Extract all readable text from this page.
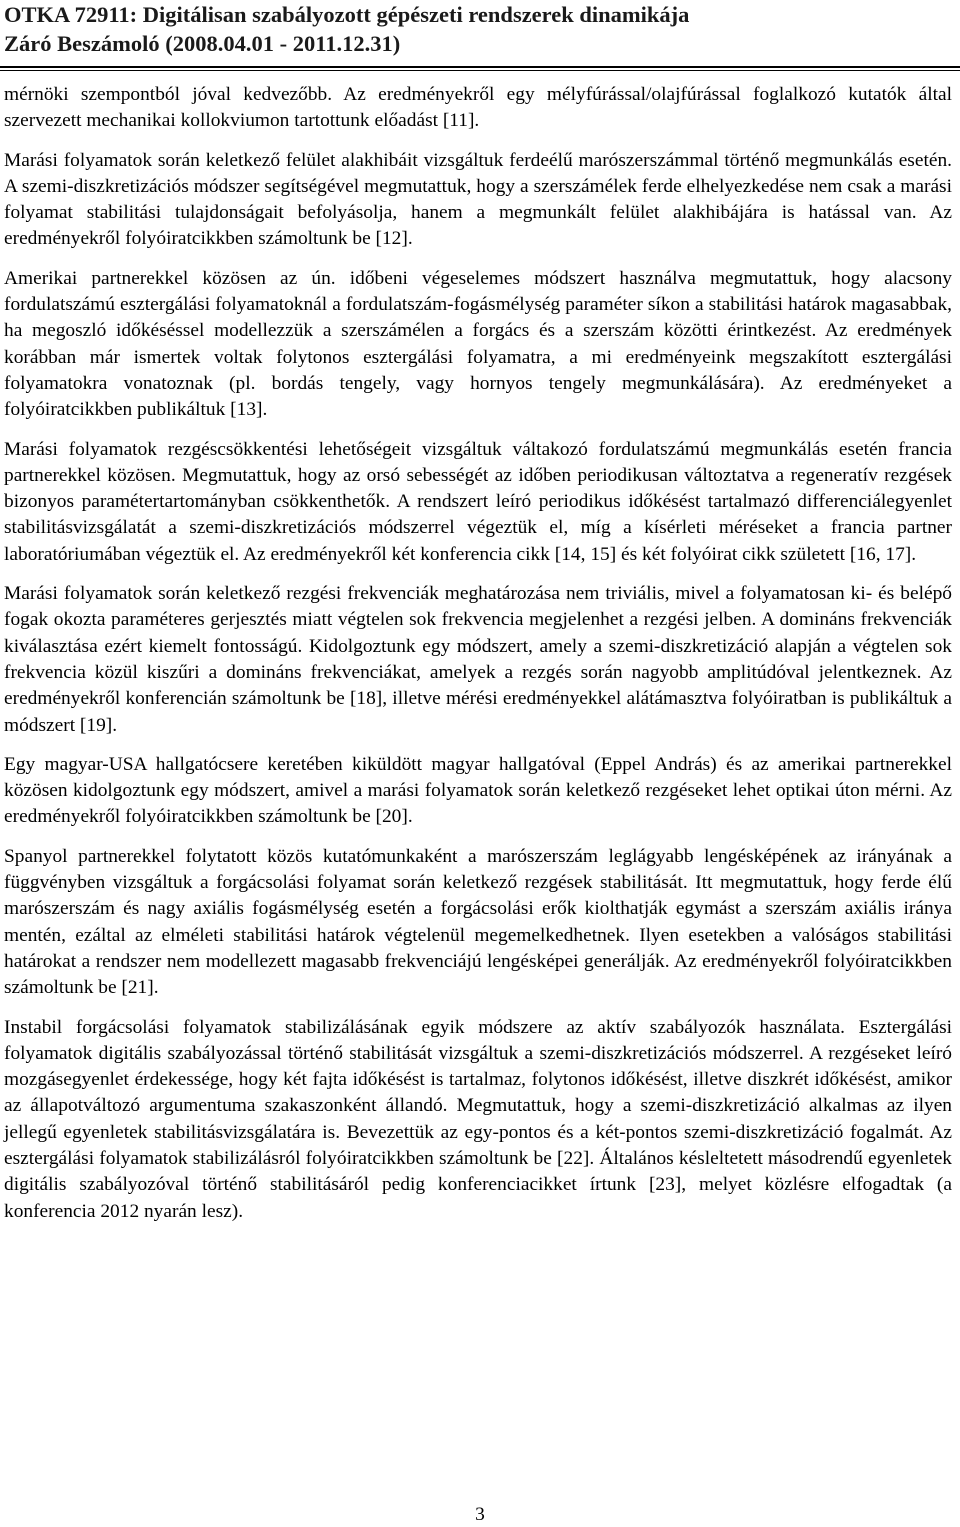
OTKA 72911: Digitálisan szabályozott gépészeti rendszerek dinamikája
Záró Beszámoló (2008.04.01 - 2011.12.31)

mérnöki szempontból jóval kedvezőbb. Az eredményekről egy mélyfúrással/olajfúrással foglalkozó kutatók által szervezett mechanikai kollokviumon tartottunk előadást [11].

Marási folyamatok során keletkező felület alakhibáit vizsgáltuk ferdeélű marószerszámmal történő megmunkálás esetén. A szemi-diszkretizációs módszer segítségével megmutattuk, hogy a szerszámélek ferde elhelyezkedése nem csak a marási folyamat stabilitási tulajdonságait befolyásolja, hanem a megmunkált felület alakhibájára is hatással van. Az eredményekről folyóiratcikkben számoltunk be [12].

Amerikai partnerekkel közösen az ún. időbeni végeselemes módszert használva megmutattuk, hogy alacsony fordulatszámú esztergálási folyamatoknál a fordulatszám-fogásmélység paraméter síkon a stabilitási határok magasabbak, ha megoszló időkéséssel modellezzük a szerszámélen a forgács és a szerszám közötti érintkezést. Az eredmények korábban már ismertek voltak folytonos esztergálási folyamatra, a mi eredményeink megszakított esztergálási folyamatokra vonatoznak (pl. bordás tengely, vagy hornyos tengely megmunkálására). Az eredményeket a folyóiratcikkben publikáltuk [13].

Marási folyamatok rezgéscsökkentési lehetőségeit vizsgáltuk váltakozó fordulatszámú megmunkálás esetén francia partnerekkel közösen. Megmutattuk, hogy az orsó sebességét az időben periodikusan változtatva a regeneratív rezgések bizonyos paramétertartományban csökkenthetők. A rendszert leíró periodikus időkésést tartalmazó differenciálegyenlet stabilitásvizsgálatát a szemi-diszkretizációs módszerrel végeztük el, míg a kísérleti méréseket a francia partner laboratóriumában végeztük el. Az eredményekről két konferencia cikk [14, 15] és két folyóirat cikk született [16, 17].

Marási folyamatok során keletkező rezgési frekvenciák meghatározása nem triviális, mivel a folyamatosan ki- és belépő fogak okozta paraméteres gerjesztés miatt végtelen sok frekvencia megjelenhet a rezgési jelben. A domináns frekvenciák kiválasztása ezért kiemelt fontosságú. Kidolgoztunk egy módszert, amely a szemi-diszkretizáció alapján a végtelen sok frekvencia közül kiszűri a domináns frekvenciákat, amelyek a rezgés során nagyobb amplitúdóval jelentkeznek. Az eredményekről konferencián számoltunk be [18], illetve mérési eredményekkel alátámasztva folyóiratban is publikáltuk a módszert [19].

Egy magyar-USA hallgatócsere keretében kiküldött magyar hallgatóval (Eppel András) és az amerikai partnerekkel közösen kidolgoztunk egy módszert, amivel a marási folyamatok során keletkező rezgéseket lehet optikai úton mérni. Az eredményekről folyóiratcikkben számoltunk be [20].

Spanyol partnerekkel folytatott közös kutatómunkaként a marószerszám leglágyabb lengésképének az irányának a függvényben vizsgáltuk a forgácsolási folyamat során keletkező rezgések stabilitását. Itt megmutattuk, hogy ferde élű marószerszám és nagy axiális fogásmélység esetén a forgácsolási erők kiolthatják egymást a szerszám axiális iránya mentén, ezáltal az elméleti stabilitási határok végtelenül megemelkedhetnek. Ilyen esetekben a valóságos stabilitási határokat a rendszer nem modellezett magasabb frekvenciájú lengésképei generálják. Az eredményekről folyóiratcikkben számoltunk be [21].

Instabil forgácsolási folyamatok stabilizálásának egyik módszere az aktív szabályozók használata. Esztergálási folyamatok digitális szabályozással történő stabilitását vizsgáltuk a szemi-diszkretizációs módszerrel. A rezgéseket leíró mozgásegyenlet érdekessége, hogy két fajta időkésést is tartalmaz, folytonos időkésést, illetve diszkrét időkésést, amikor az állapotváltozó argumentuma szakaszonként állandó. Megmutattuk, hogy a szemi-diszkretizáció alkalmas az ilyen jellegű egyenletek stabilitásvizsgálatára is. Bevezettük az egy-pontos és a két-pontos szemi-diszkretizáció fogalmát. Az esztergálási folyamatok stabilizálásról folyóiratcikkben számoltunk be [22]. Általános késleltetett másodrendű egyenletek digitális szabályozóval történő stabilitásáról pedig konferenciacikket írtunk [23], melyet közlésre elfogadtak (a konferencia 2012 nyarán lesz).

3
